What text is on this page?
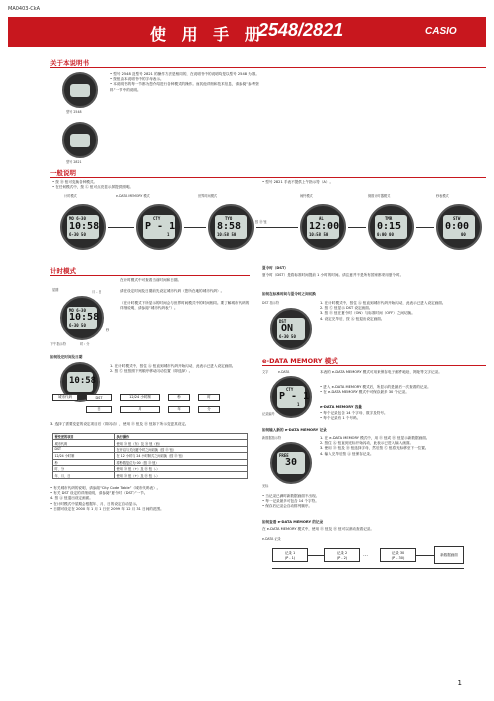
MA0403-CkA
使 用 手 册
2548/2821	CASIO
关于本说明书
型号 2548
型号 2821
• 型号 2548 及型号 2821 的操作方法是相同的，在说明书中的说明均是以型号 2548 为准。
• 按钮由本说明书中的字母表示。
• 本说明书的每一节都为您介绍进行各种模式的操作。而其他详细和技术信息，请参阅“参考资料”一节中的说明。
一般说明
• 按 Ⓑ 钮可变换各种模式。
• 在任何模式中，按 Ⓛ 钮可点亮显示屏提供照明。
• 型号 2821 手表不提供上午指示符（A）。
计时模式	e-DATA MEMORY 模式	世界时间模式	闹铃模式	倒数计时器模式	秒表模式
MO 6-30
10:58
6-30 50
CTY
P - 1
1
TYO
8:58
10:58 50
AL
12:00
10:58 50
TMR
0:15
0:00 00
STW
0:00
00
按 Ⓑ 钮
计时模式
在计时模式中可查看当前时间和日期。
MO 6-30
10:58
6-30 50
星期	月 - 日
下午指示符	时 : 分
秒
请在设定时间及日期前先设定城市代码（您所在地的城市代码）。
（在计时模式下所显示的时间会与世界时间模式中的时间相同。要了解城市代码的详细说明，请参阅“城市代码表”）。
如何设定时间及日期
10:58
1. 在计时模式中，按住 Ⓐ 钮直到城市代码开始闪动，此表示已进入设定画面。
2. 按 Ⓒ 钮按照下列顺序移动闪动位置（即选择）。
城市代码	DST	12/24 小时制	秒	时
分
年
月
日
3. 选择了需要变更的设定项目后（即闪动），使用 Ⓓ 钮及 Ⓑ 钮如下所示变更其设定。
要变更的项目	执行操作
城市代码	使用 Ⓓ 钮（东）及 Ⓑ 钮（西）
DST	在开启与关闭夏令时之间切换（按 Ⓓ 钮）
12/24 小时制	在 12 小时与 24 小时制式之间切换（按 Ⓓ 钮）
秒	将秒数复位为 00（按 Ⓓ 钮）
时、分	使用 Ⓓ 钮（+）及 Ⓑ 钮（-）
年、月、日	使用 Ⓓ 钮（+）及 Ⓑ 钮（-）
• 有关城市代码的说明，请参阅“City Code Table”（城市代码表）。
• 有关 DST 设定的详细说明，请参阅“夏令时（DST）”一节。
4. 按 Ⓐ 钮退出设定画面。
• 在计时模式中星期会根据年、月、日的设定自动显示。
• 日期可设定在 2000 年 1 月 1 日至 2099 年 12 月 31 日间的范围。
夏令时（DST）
夏令时（DST）是将标准时间提前 1 小时的时间。请注意并不是所有国家都采用夏令时。
如何在标准时间与夏令时之间切换
DST 指示符
DST
ON
6-30 50
1. 在计时模式中，按住 Ⓐ 钮直到城市代码开始闪动，此表示已进入设定画面。
2. 按 Ⓒ 钮显示 DST 设定画面。
3. 按 Ⓓ 钮在夏令时（ON）与标准时间（OFF）之间切换。
4. 设定完毕后，按 Ⓐ 钮退出设定画面。
e-DATA MEMORY 模式
文字	e-DATA
记录编号
CTY
P - 1
1
本表的 e-DATA MEMORY 模式可用来保存电子邮件地址、网址等文字记录。
• 进入 e-DATA MEMORY 模式后，所显示的是最后一次查看的记录。
• 在 e-DATA MEMORY 模式中可保存最多 30 个记录。
e-DATA MEMORY 容量
• 每个记录包含 14 个字母、数字及符号。
• 每个记录有 1 个号码。
如何输入新的 e-DATA MEMORY 记录
新数据指示符
光标
FREE
30
1. 在 e-DATA MEMORY 模式中，用 Ⓓ 钮或 Ⓑ 钮显示新数据画面。
2. 按住 Ⓐ 钮直到光标开始闪动，此表示已进入输入画面。
3. 使用 Ⓓ 钮及 Ⓑ 钮选择字母，然后按 Ⓒ 钮将光标移至下一位置。
4. 输入完毕后按 Ⓐ 钮保存记录。
• 当记录已满时新数据画面不出现。
• 每一记录最多可包含 14 个字符。
• 保存后记录会自动排列顺序。
如何查看 e-DATA MEMORY 的记录
在 e-DATA MEMORY 模式中，使用 Ⓓ 钮及 Ⓑ 钮可以滚动查看记录。
e-DATA 记录
记录 1
(P - 1)
记录 2
(P - 2)
记录 30
(P - 30)
新数据画面
…
1
